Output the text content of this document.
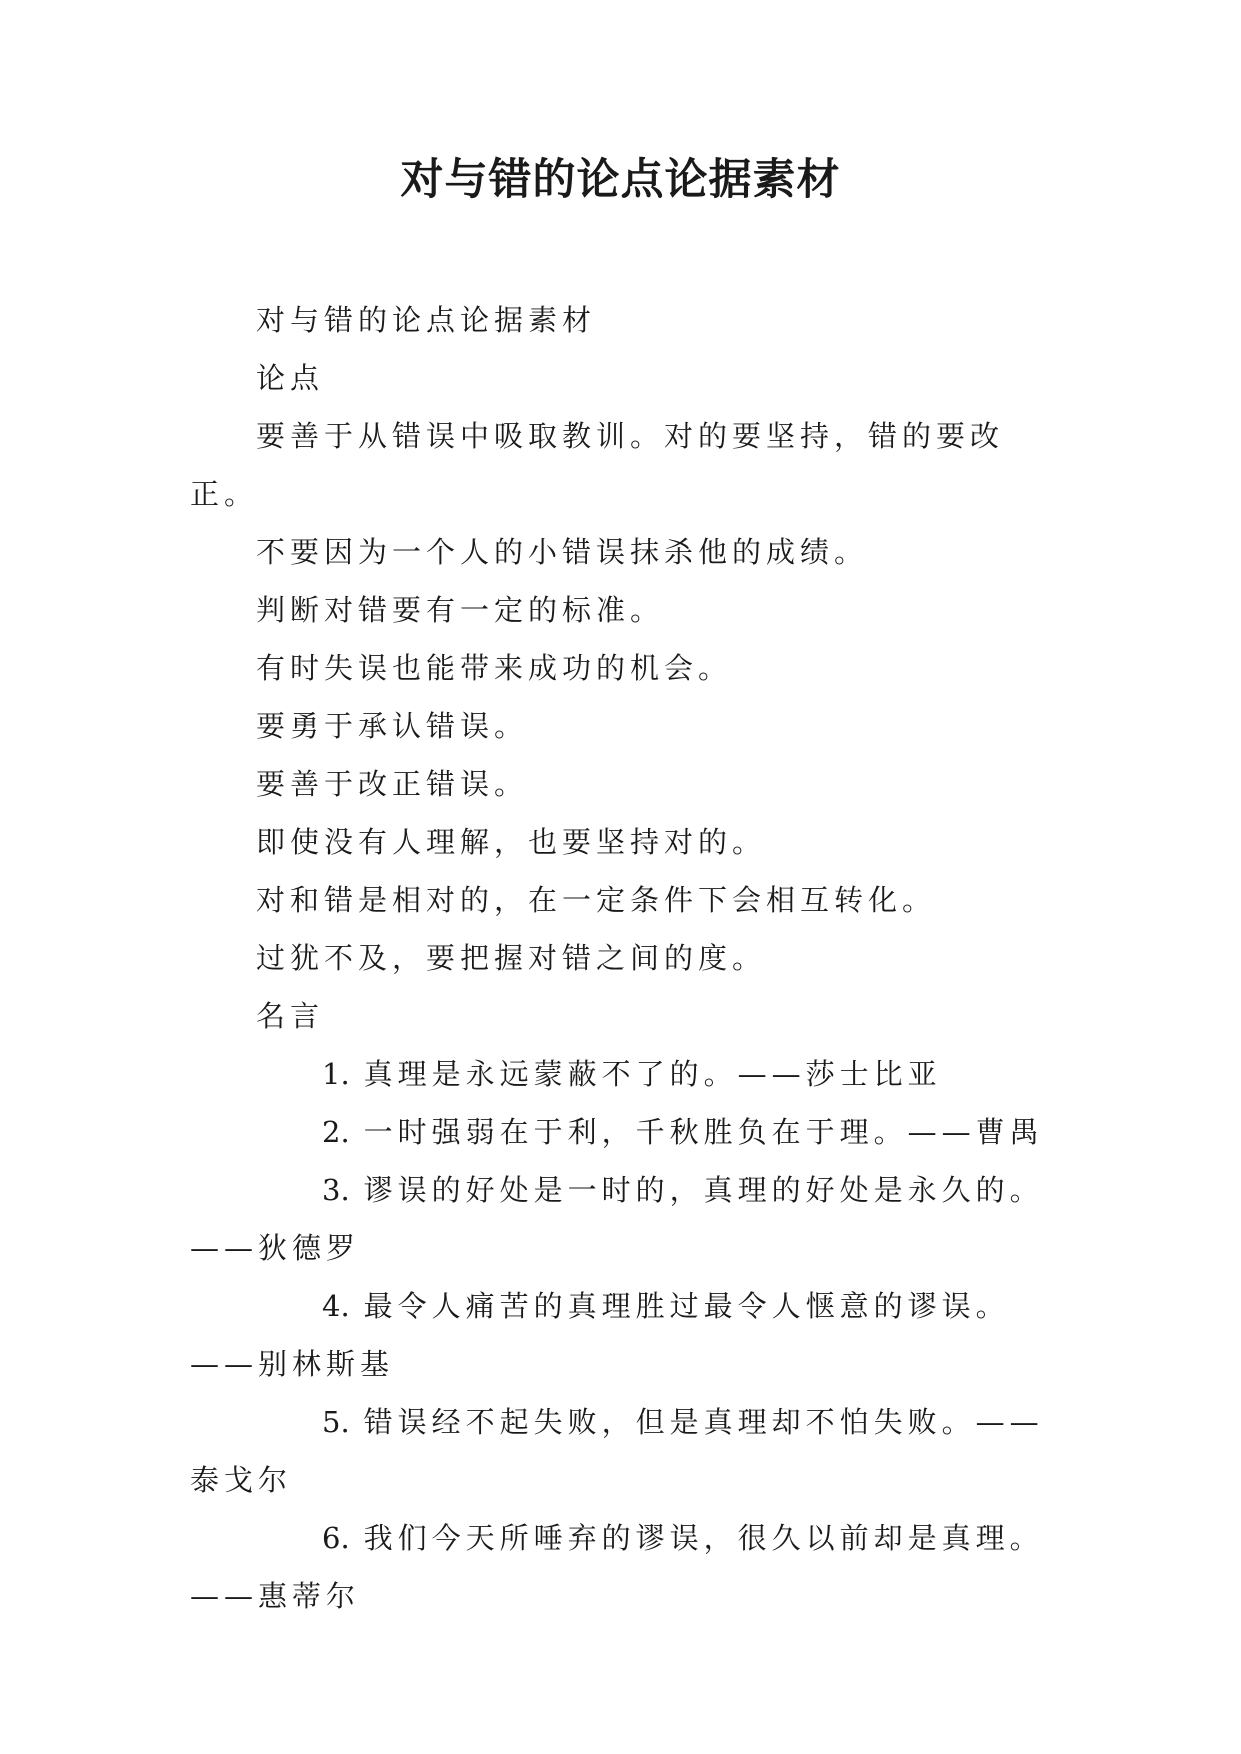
对与错的论点论据素材

对与错的论点论据素材

论点

要善于从错误中吸取教训。对的要坚持，错的要改正。

不要因为一个人的小错误抹杀他的成绩。

判断对错要有一定的标准。

有时失误也能带来成功的机会。

要勇于承认错误。

要善于改正错误。

即使没有人理解，也要坚持对的。

对和错是相对的，在一定条件下会相互转化。

过犹不及，要把握对错之间的度。

名言

1. 真理是永远蒙蔽不了的。——莎士比亚

2. 一时强弱在于利，千秋胜负在于理。——曹禺

3. 谬误的好处是一时的，真理的好处是永久的。——狄德罗

4. 最令人痛苦的真理胜过最令人惬意的谬误。——别林斯基

5. 错误经不起失败，但是真理却不怕失败。——泰戈尔

6. 我们今天所唾弃的谬误，很久以前却是真理。——惠蒂尔
